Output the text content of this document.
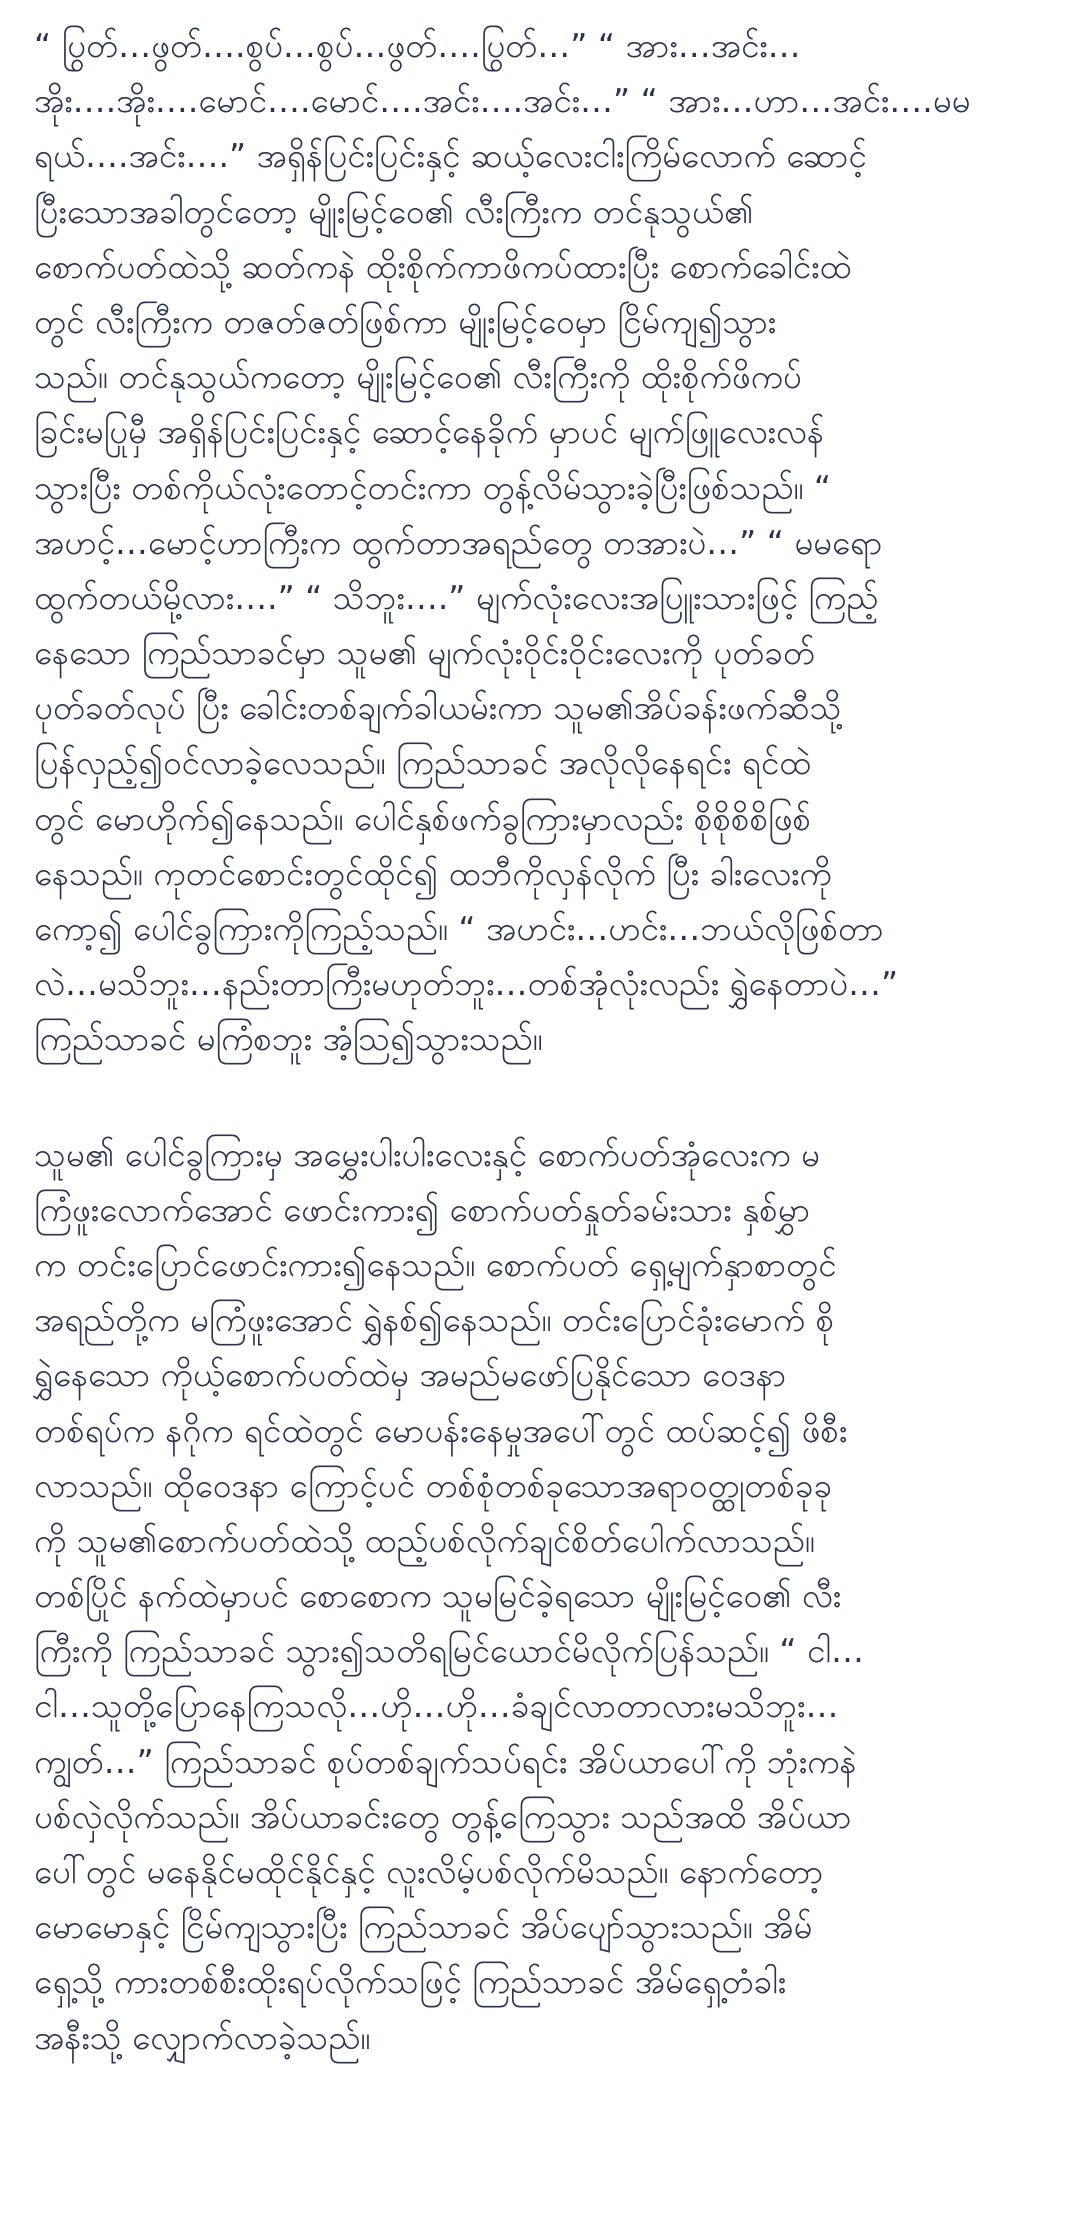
“ ပြွတ်…ဖွတ်….စွပ်…စွပ်…ဖွတ်….ပြွတ်…” “ အား…အင်း…
အိုး….အိုး….မောင်….မောင်….အင်း….အင်း…” “ အား…ဟာ…အင်း….မမ
ရယ်….အင်း….” အရှိန်ပြင်းပြင်းနှင့် ဆယ့်လေးငါးကြိမ်လောက် ဆောင့်
ပြီးသောအခါတွင်တော့ မျိုးမြင့်ဝေ၏ လီးကြီးက တင်နုသွယ်၏
စောက်ပတ်ထဲသို့ ဆတ်ကနဲ ထိုးစိုက်ကာဖိကပ်ထားပြီး စောက်ခေါင်းထဲ
တွင် လီးကြီးက တဇတ်ဇတ်ဖြစ်ကာ မျိုးမြင့်ဝေမှာ ငြိမ်ကျ၍သွား
သည်။ တင်နုသွယ်ကတော့ မျိုးမြင့်ဝေ၏ လီးကြီးကို ထိုးစိုက်ဖိကပ်
ခြင်းမပြုမှီ အရှိန်ပြင်းပြင်းနှင့် ဆောင့်နေခိုက် မှာပင် မျက်ဖြူလေးလန်
သွားပြီး တစ်ကိုယ်လုံးတောင့်တင်းကာ တွန့်လိမ်သွားခဲ့ပြီးဖြစ်သည်။ “
အဟင့်…မောင့်ဟာကြီးက ထွက်တာအရည်တွေ တအားပဲ…” “ မမရော
ထွက်တယ်မို့လား….” “ သိဘူး….” မျက်လုံးလေးအပြူးသားဖြင့် ကြည့်
နေသော ကြည်သာခင်မှာ သူမ၏ မျက်လုံးဝိုင်းဝိုင်းလေးကို ပုတ်ခတ်
ပုတ်ခတ်လုပ် ပြီး ခေါင်းတစ်ချက်ခါယမ်းကာ သူမ၏အိပ်ခန်းဖက်ဆီသို့
ပြန်လှည့်၍ဝင်လာခဲ့လေသည်။ ကြည်သာခင် အလိုလိုနေရင်း ရင်ထဲ
တွင် မောဟိုက်၍နေသည်။ ပေါင်နှစ်ဖက်ခွကြားမှာလည်း စိုစိုစိစိဖြစ်
နေသည်။ ကုတင်စောင်းတွင်ထိုင်၍ ထဘီကိုလှန်လိုက် ပြီး ခါးလေးကို
ကော့၍ ပေါင်ခွကြားကိုကြည့်သည်။ “ အဟင်း…ဟင်း…ဘယ်လိုဖြစ်တာ
လဲ…မသိဘူး…နည်းတာကြီးမဟုတ်ဘူး…တစ်အုံလုံးလည်း ရွှဲနေတာပဲ…”
ကြည်သာခင် မကြံစဘူး အံ့သြ၍သွားသည်။
သူမ၏ ပေါင်ခွကြားမှ အမွှေးပါးပါးလေးနှင့် စောက်ပတ်အုံလေးက မ
ကြံဖူးလောက်အောင် ဖောင်းကား၍ စောက်ပတ်နှုတ်ခမ်းသား နှစ်မွှာ
က တင်းပြောင်ဖောင်းကား၍နေသည်။ စောက်ပတ် ရှေ့မျက်နှာစာတွင်
အရည်တို့က မကြံဖူးအောင် ရွှဲနစ်၍နေသည်။ တင်းပြောင်ခုံးမောက် စို
ရွှဲနေသော ကိုယ့်စောက်ပတ်ထဲမှ အမည်မဖော်ပြနိုင်သော ဝေဒနာ
တစ်ရပ်က နဂိုက ရင်ထဲတွင် မောပန်းနေမှုအပေါ်တွင် ထပ်ဆင့်၍ ဖိစီး
လာသည်။ ထိုဝေဒနာ ကြောင့်ပင် တစ်စုံတစ်ခုသောအရာဝတ္ထုတစ်ခုခု
ကို သူမ၏စောက်ပတ်ထဲသို့ ထည့်ပစ်လိုက်ချင်စိတ်ပေါက်လာသည်။
တစ်ပြိုင် နက်ထဲမှာပင် စောစောက သူမမြင်ခဲ့ရသော မျိုးမြင့်ဝေ၏ လီး
ကြီးကို ကြည်သာခင် သွား၍သတိရမြင်ယောင်မိလိုက်ပြန်သည်။ “ ငါ…
ငါ…သူတို့ပြောနေကြသလို…ဟို…ဟို…ခံချင်လာတာလားမသိဘူး…
ကျွတ်…” ကြည်သာခင် စုပ်တစ်ချက်သပ်ရင်း အိပ်ယာပေါ်ကို ဘုံးကနဲ
ပစ်လှဲလိုက်သည်။ အိပ်ယာခင်းတွေ တွန့်ကြေသွား သည်အထိ အိပ်ယာ
ပေါ်တွင် မနေနိုင်မထိုင်နိုင်နှင့် လူးလိမ့်ပစ်လိုက်မိသည်။ နောက်တော့
မောမောနှင့် ငြိမ်ကျသွားပြီး ကြည်သာခင် အိပ်ပျော်သွားသည်။ အိမ်
ရှေ့သို့ ကားတစ်စီးထိုးရပ်လိုက်သဖြင့် ကြည်သာခင် အိမ်ရှေ့တံခါး
အနီးသို့ လျှောက်လာခဲ့သည်။
